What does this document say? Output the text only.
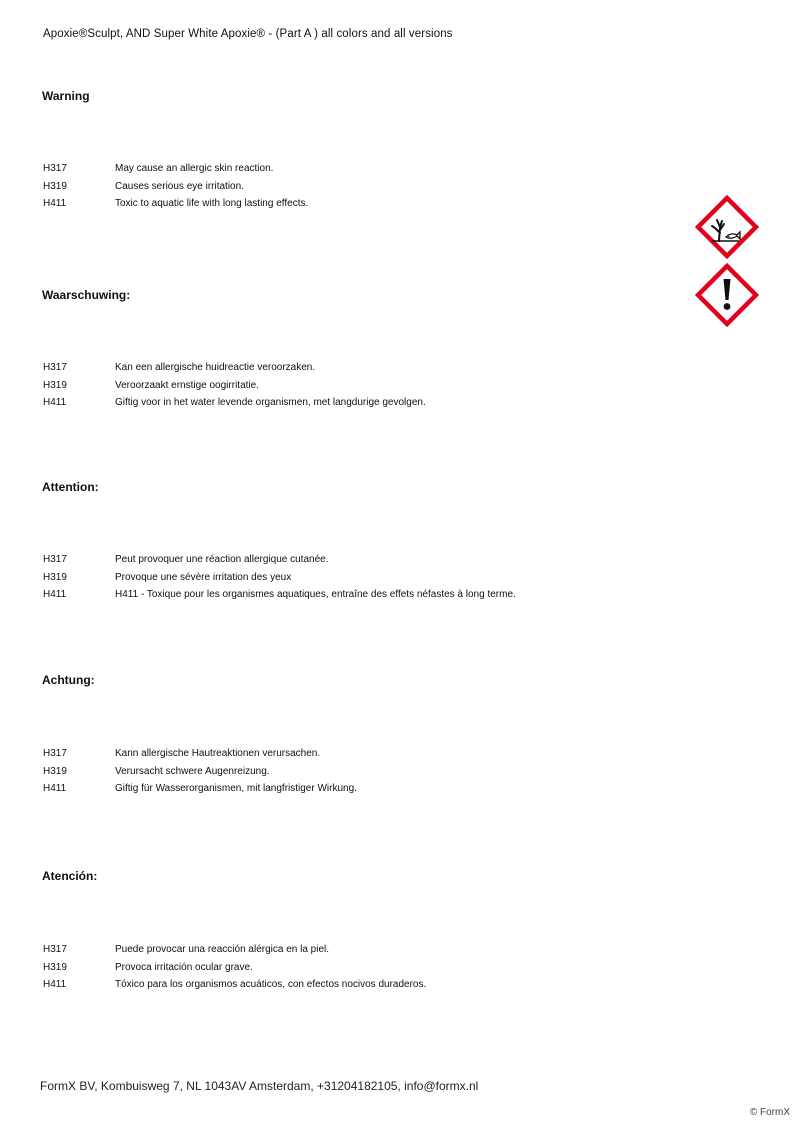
Apoxie®Sculpt, AND Super White Apoxie® - (Part A ) all colors and all versions
Warning
H317	May cause an allergic skin reaction.
H319	Causes serious eye irritation.
H411	Toxic to aquatic life with long lasting effects.
Waarschuwing:
H317	Kan een allergische huidreactie veroorzaken.
H319	Veroorzaakt ernstige oogirritatie.
H411	Giftig voor in het water levende organismen, met langdurige gevolgen.
Attention:
H317	Peut provoquer une réaction allergique cutanée.
H319	Provoque une sévère irritation des yeux
H411	H411 - Toxique pour les organismes aquatiques, entraîne des effets néfastes à long terme.
Achtung:
H317	Kann allergische Hautreaktionen verursachen.
H319	Verursacht schwere Augenreizung.
H411	Giftig für Wasserorganismen, mit langfristiger Wirkung.
Atención:
H317	Puede provocar una reacción alérgica en la piel.
H319	Provoca irritación ocular grave.
H411	Tóxico para los organismos acuáticos, con efectos nocivos duraderos.
FormX BV, Kombuisweg 7, NL 1043AV Amsterdam, +31204182105, info@formx.nl
© FormX
